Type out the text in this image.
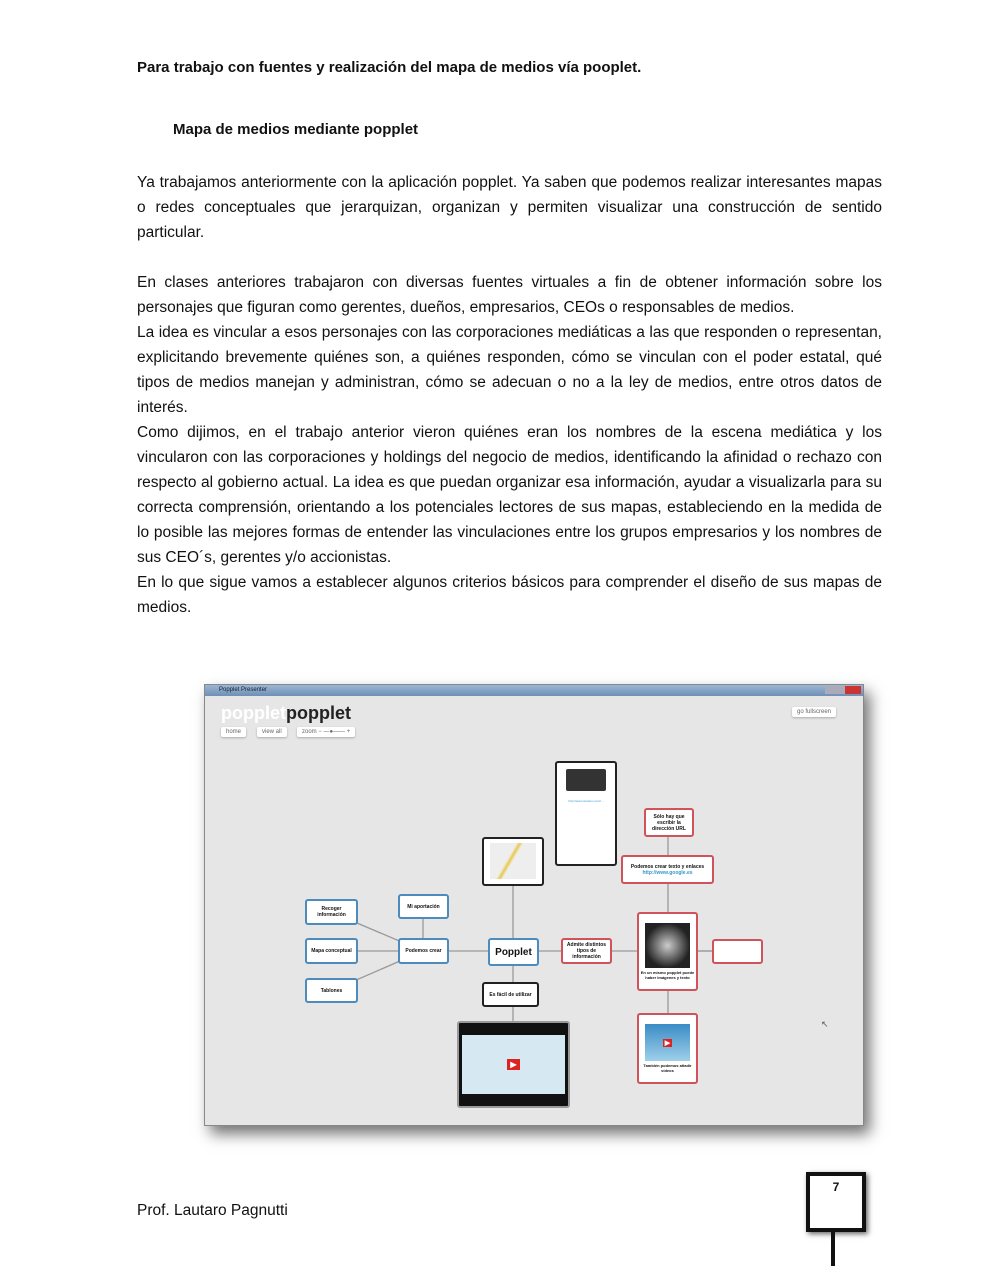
Para trabajo con fuentes y realización del mapa de medios vía pooplet.
Mapa de medios mediante popplet

Ya trabajamos anteriormente con la aplicación popplet. Ya saben que podemos realizar interesantes mapas o redes conceptuales que jerarquizan, organizan y permiten visualizar una construcción de sentido particular.

En clases anteriores trabajaron con diversas fuentes virtuales a fin de obtener información sobre los personajes que figuran como gerentes, dueños, empresarios, CEOs o responsables de medios.

La idea es vincular a esos personajes con las corporaciones mediáticas a las que responden o representan, explicitando brevemente quiénes son, a quiénes responden, cómo se vinculan con el poder estatal, qué tipos de medios manejan y administran, cómo se adecuan o no a la ley de medios, entre otros datos de interés.

Como dijimos, en el trabajo anterior vieron quiénes eran los nombres de la escena mediática y los vincularon con las corporaciones y holdings del negocio de medios, identificando la afinidad o rechazo con respecto al gobierno actual. La idea es que puedan organizar esa información, ayudar a visualizarla para su correcta comprensión, orientando a los potenciales lectores de sus mapas, estableciendo en la medida de lo posible las mejores formas de entender las vinculaciones entre los grupos empresarios y los nombres de sus CEO´s, gerentes y/o accionistas.

En lo que sigue vamos a establecer algunos criterios básicos para comprender el diseño de sus mapas de medios.

Popplet Presenter
poppletpopplet
home	view all	zoom − —●—— +
go fullscreen
Recoger información
Mapa conceptual
Tablones
Mi aportación
Podemos crear	Popplet
Es fácil de utilizar
▶
http://www.amazon.com/...
Sólo hay que escribir la dirección URL
Podemos crear texto y enlaces
http://www.google.es
Admite distintos tipos de información
En un mismo popplet puede haber imágenes y texto
▶
También podemos añadir vídeos
↖
Prof. Lautaro Pagnutti
7
